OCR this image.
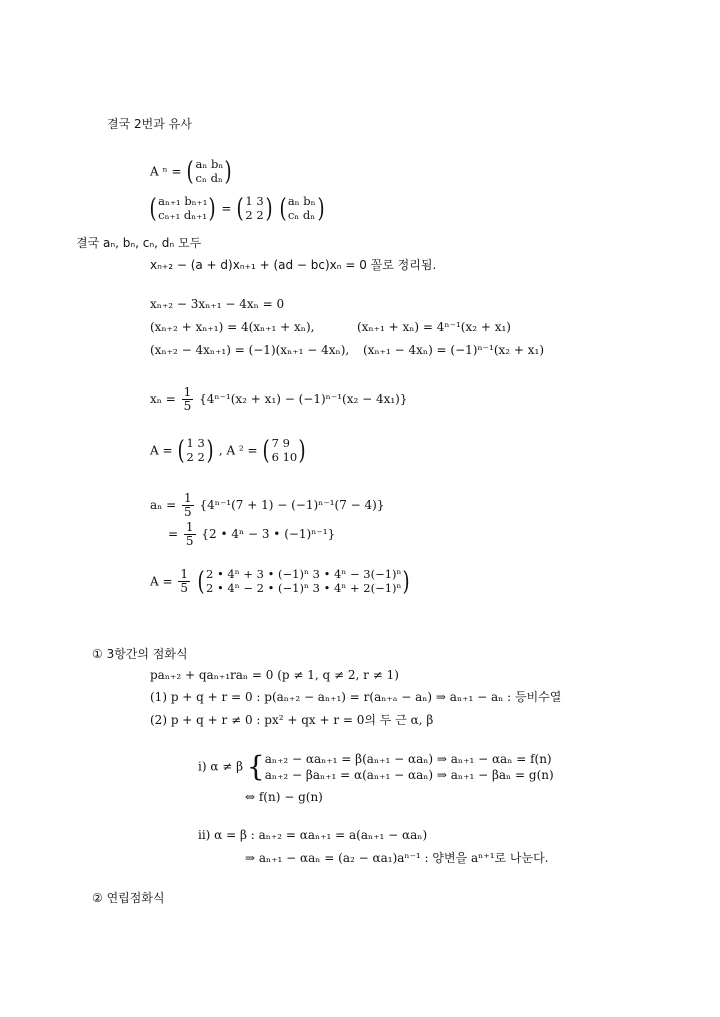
결국 2번과 유사
A ⁿ = ( aₙ bₙ
cₙ dₙ )
( aₙ₊₁ bₙ₊₁
cₙ₊₁ dₙ₊₁ ) = ( 1 3
2 2 )
( aₙ bₙ
cₙ dₙ )
결국 aₙ, bₙ, cₙ, dₙ 모두
xₙ₊₂ − (a + d)xₙ₊₁ + (ad − bc)xₙ = 0 꼴로 정리됨.
xₙ₊₂ − 3xₙ₊₁ − 4xₙ = 0
(xₙ₊₂ + xₙ₊₁) = 4(xₙ₊₁ + xₙ),	(xₙ₊₁ + xₙ) = 4ⁿ⁻¹(x₂ + x₁)
(xₙ₊₂ − 4xₙ₊₁) = (−1)(xₙ₊₁ − 4xₙ), (xₙ₊₁ − 4xₙ) = (−1)ⁿ⁻¹(x₂ + x₁)
$x_n = \frac{1}{5} \{4^{n-1}(x_2 + x_1) - (-1)^{n-1}(x_2 - 4x_1)\}$
A = ( 1 3
2 2 ) , A ² = ( 7 9
6 10 )
$a_n = \frac{1}{5} \{4^{n-1}(7 + 1) - (-1)^{n-1}(7 - 4)\}$
= $\frac{1}{5} \{2$ • 4ⁿ − 3 • (−1)ⁿ⁻¹}
$A = \frac{1}{5}$
( 2 • 4ⁿ + 3 • (−1)ⁿ 3 • 4ⁿ − 3(−1)ⁿ
2 • 4ⁿ − 2 • (−1)ⁿ 3 • 4ⁿ + 2(−1)ⁿ )
① 3항간의 점화식
paₙ₊₂ + qaₙ₊₁raₙ = 0 (p ≠ 1, q ≠ 2, r ≠ 1)
(1) p + q + r = 0 : p(aₙ₊₂ − aₙ₊₁) = r(aₙ₊ₐ − aₙ) ⇒ aₙ₊₁ − aₙ : 등비수열
(2) p + q + r ≠ 0 : px² + qx + r = 0의 두 근 α, β
i) α ≠ β { aₙ₊₂ − αaₙ₊₁ = β(aₙ₊₁ − αaₙ) ⇒ aₙ₊₁ − αaₙ = f(n)
aₙ₊₂ − βaₙ₊₁ = α(aₙ₊₁ − αaₙ) ⇒ aₙ₊₁ − βaₙ = g(n)
⇔ f(n) − g(n)
ii) α = β : aₙ₊₂ = αaₙ₊₁ = a(aₙ₊₁ − αaₙ)
⇒ aₙ₊₁ − αaₙ = (a₂ − αa₁)aⁿ⁻¹ : 양변을 aⁿ⁺¹로 나눈다.
② 연립점화식
